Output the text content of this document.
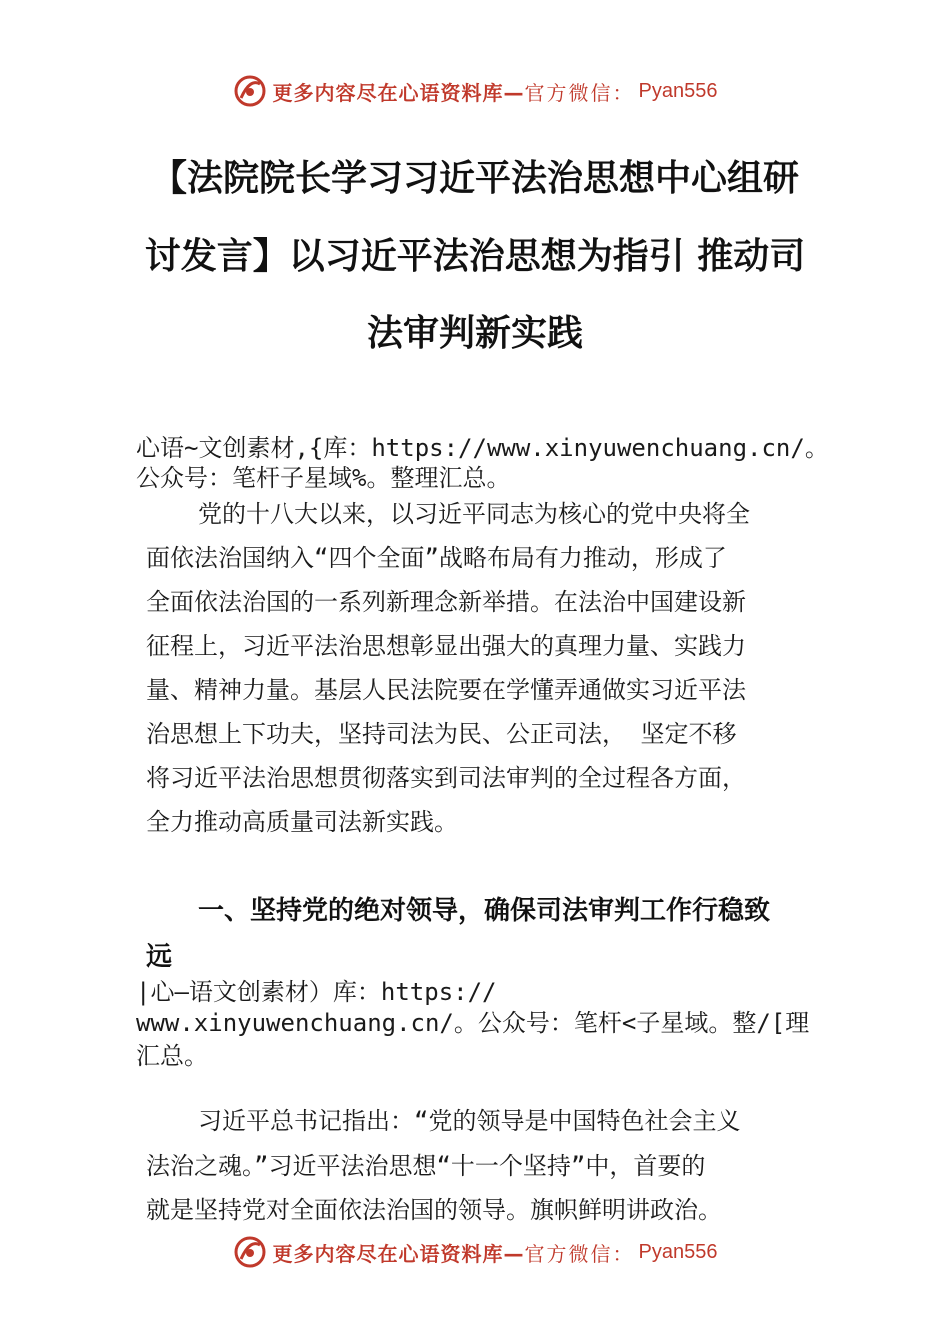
更多内容尽在心语资料库— 官方微信： Pyan556
【法院院长学习习近平法治思想中心组研
讨发言】以习近平法治思想为指引 推动司
法审判新实践
心语~文创素材,{库：https://www.xinyuwenchuang.cn/。
公众号：笔杆子星域%。整理汇总。
党的十八大以来，以习近平同志为核心的党中央将全
面依法治国纳入“四个全面”战略布局有力推动，形成了
全面依法治国的一系列新理念新举措。在法治中国建设新
征程上，习近平法治思想彰显出强大的真理力量、实践力
量、精神力量。基层人民法院要在学懂弄通做实习近平法
治思想上下功夫，坚持司法为民、公正司法， 坚定不移
将习近平法治思想贯彻落实到司法审判的全过程各方面，
全力推动高质量司法新实践。
一、坚持党的绝对领导，确保司法审判工作行稳致
远
|心—语文创素材）库：https://
www.xinyuwenchuang.cn/。公众号：笔杆<子星域。整/[理
汇总。
习近平总书记指出：“党的领导是中国特色社会主义
法治之魂。”习近平法治思想“十一个坚持”中，首要的
就是坚持党对全面依法治国的领导。旗帜鲜明讲政治。
更多内容尽在心语资料库— 官方微信： Pyan556
